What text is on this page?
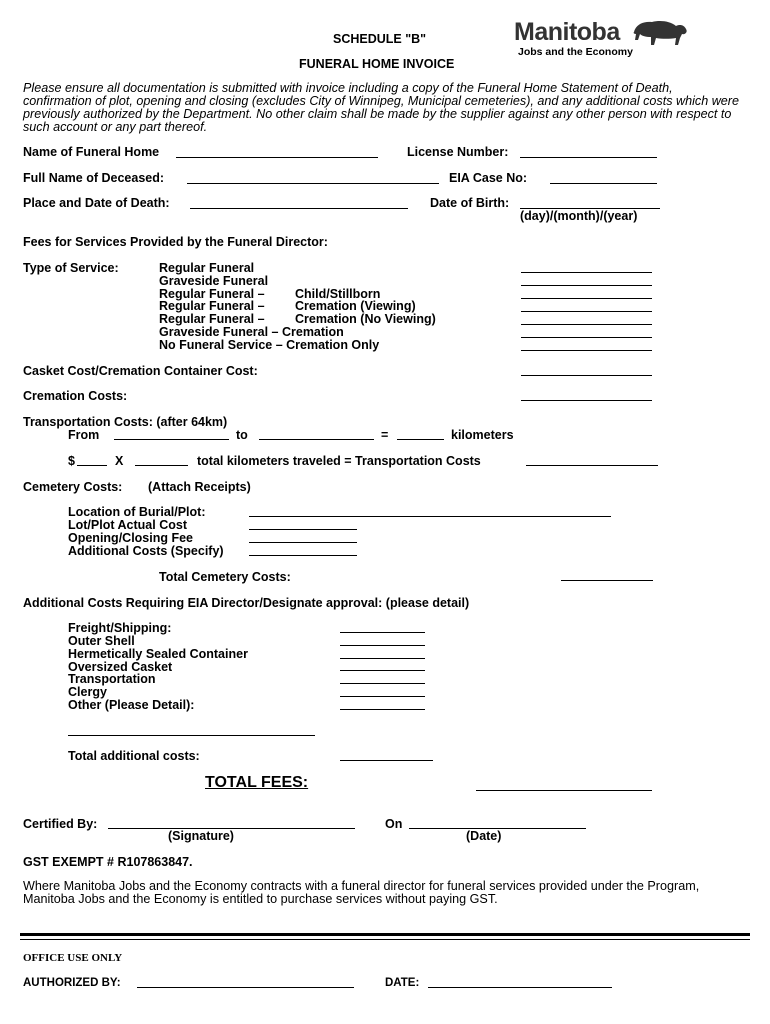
SCHEDULE "B"
FUNERAL HOME INVOICE
Manitoba
Jobs and the Economy
Please ensure all documentation is submitted with invoice including a copy of the Funeral Home Statement of Death, confirmation of plot, opening and closing (excludes City of Winnipeg, Municipal cemeteries), and any additional costs which were previously authorized by the Department. No other claim shall be made by the supplier against any other person with respect to such account or any part thereof.
Name of Funeral Home	License Number:
Full Name of Deceased:	EIA Case No:
Place and Date of Death:	Date of Birth:
(day)/(month)/(year)
Fees for Services Provided by the Funeral Director:
Type of Service:	Regular Funeral
Graveside Funeral
Regular Funeral – Child/Stillborn
Regular Funeral – Cremation (Viewing)
Regular Funeral – Cremation (No Viewing)
Graveside Funeral – Cremation
No Funeral Service – Cremation Only
Casket Cost/Cremation Container Cost:
Cremation Costs:
Transportation Costs: (after 64km)
From	to	=	kilometers
$	X	total kilometers traveled = Transportation Costs
Cemetery Costs: (Attach Receipts)
Location of Burial/Plot:
Lot/Plot Actual Cost
Opening/Closing Fee
Additional Costs (Specify)
Total Cemetery Costs:
Additional Costs Requiring EIA Director/Designate approval: (please detail)
Freight/Shipping:
Outer Shell
Hermetically Sealed Container
Oversized Casket
Transportation
Clergy
Other (Please Detail):
Total additional costs:
TOTAL FEES:
Certified By:
(Signature)
On
(Date)
GST EXEMPT # R107863847.
Where Manitoba Jobs and the Economy contracts with a funeral director for funeral services provided under the Program, Manitoba Jobs and the Economy is entitled to purchase services without paying GST.
OFFICE USE ONLY
AUTHORIZED BY:	DATE:
